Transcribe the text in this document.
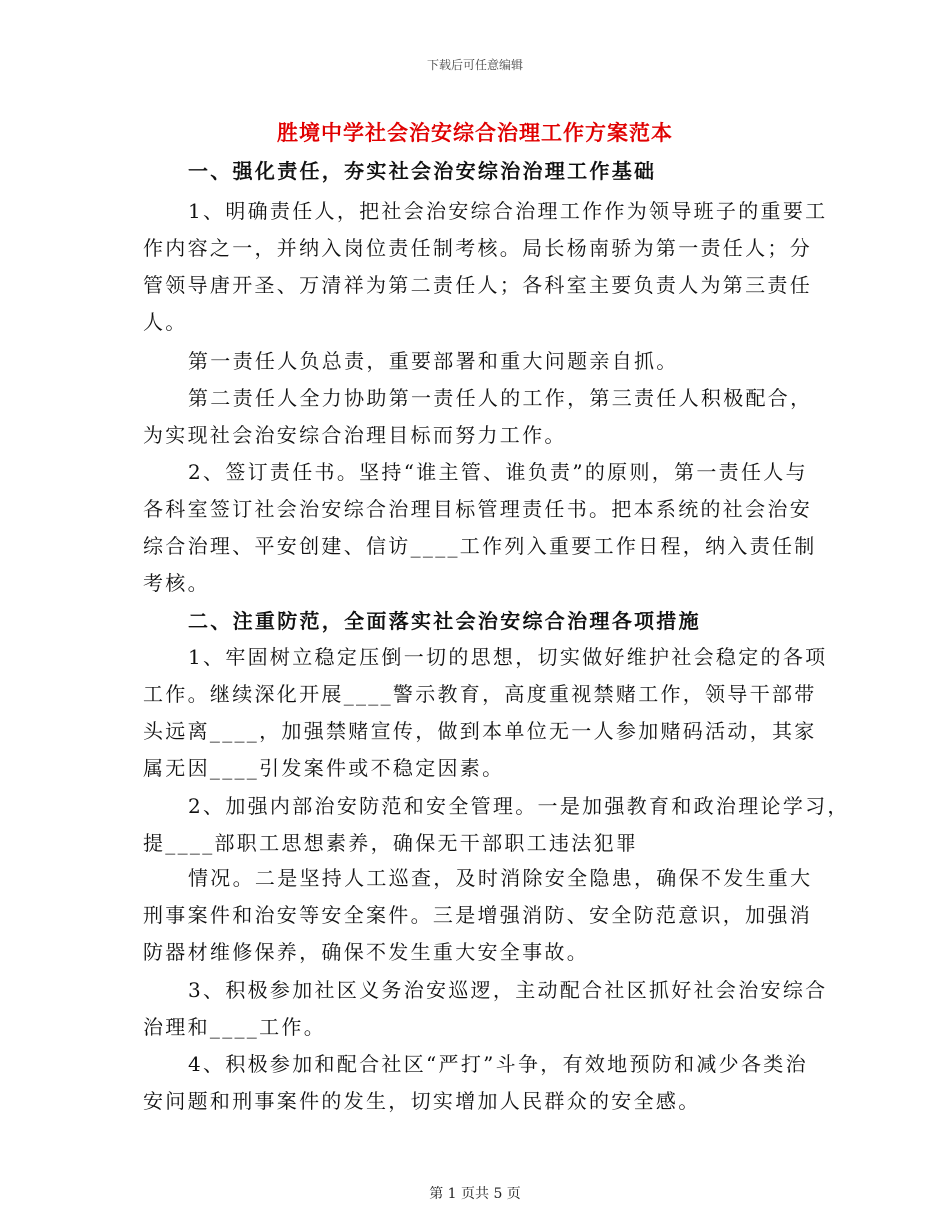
下载后可任意编辑
胜境中学社会治安综合治理工作方案范本
一、强化责任，夯实社会治安综治治理工作基础
1、明确责任人，把社会治安综合治理工作作为领导班子的重要工
作内容之一，并纳入岗位责任制考核。局长杨南骄为第一责任人；分
管领导唐开圣、万清祥为第二责任人；各科室主要负责人为第三责任
人。
第一责任人负总责，重要部署和重大问题亲自抓。
第二责任人全力协助第一责任人的工作，第三责任人积极配合，
为实现社会治安综合治理目标而努力工作。
2、签订责任书。坚持“谁主管、谁负责”的原则，第一责任人与
各科室签订社会治安综合治理目标管理责任书。把本系统的社会治安
综合治理、平安创建、信访____工作列入重要工作日程，纳入责任制
考核。
二、注重防范，全面落实社会治安综合治理各项措施
1、牢固树立稳定压倒一切的思想，切实做好维护社会稳定的各项
工作。继续深化开展____警示教育，高度重视禁赌工作，领导干部带
头远离____，加强禁赌宣传，做到本单位无一人参加赌码活动，其家
属无因____引发案件或不稳定因素。
2、加强内部治安防范和安全管理。一是加强教育和政治理论学习，
提____部职工思想素养，确保无干部职工违法犯罪
情况。二是坚持人工巡查，及时消除安全隐患，确保不发生重大
刑事案件和治安等安全案件。三是增强消防、安全防范意识，加强消
防器材维修保养，确保不发生重大安全事故。
3、积极参加社区义务治安巡逻，主动配合社区抓好社会治安综合
治理和____工作。
4、积极参加和配合社区“严打”斗争，有效地预防和减少各类治
安问题和刑事案件的发生，切实增加人民群众的安全感。
第 1 页共 5 页
